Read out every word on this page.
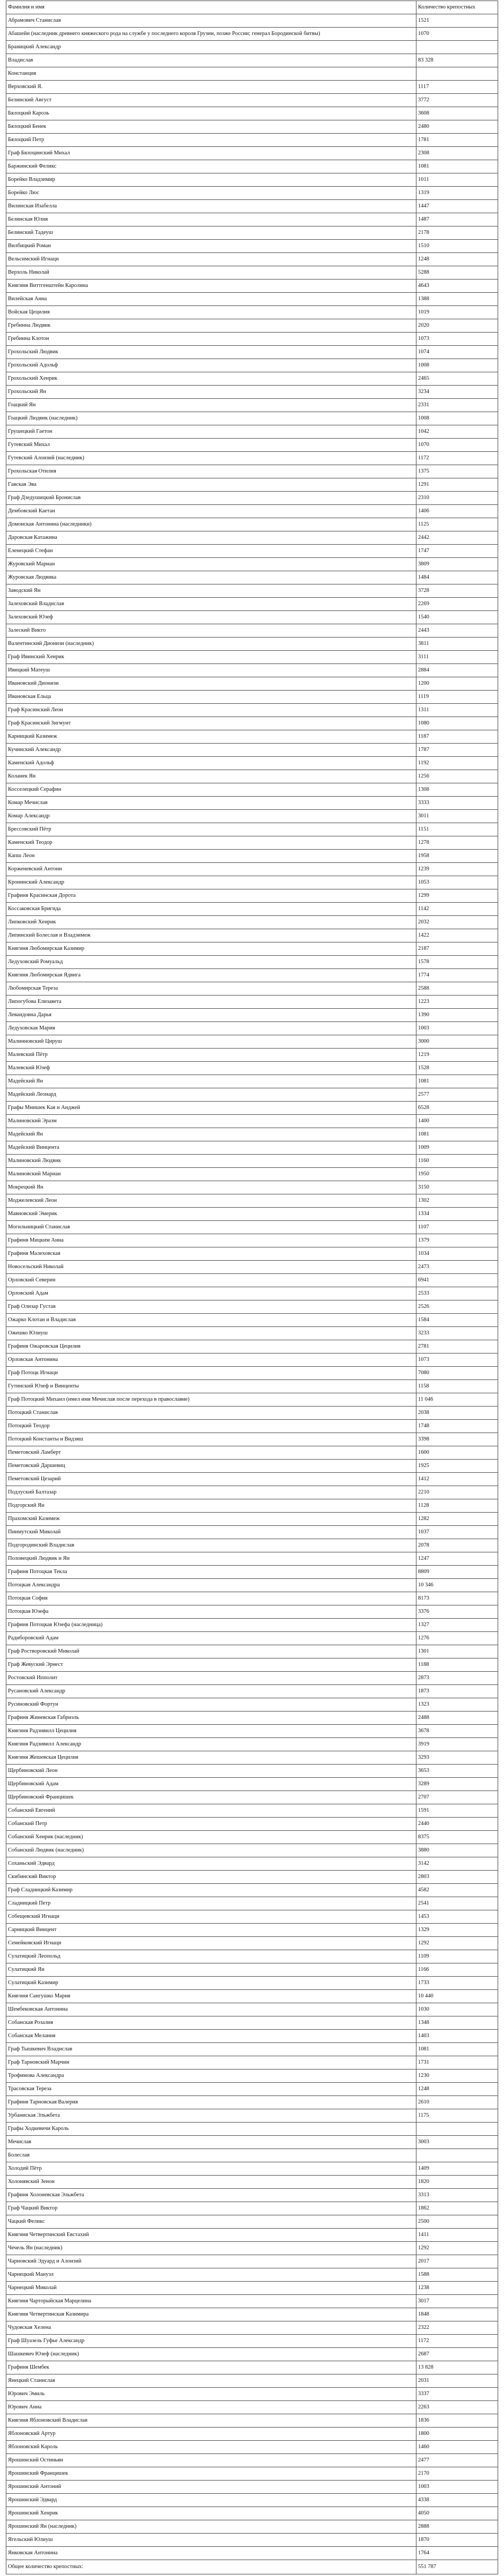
Фамилия и имя	Количество крепостных
Абрамович Станислав	1521
Абашейн (наследник древнего княжеского рода на службе у последнего короля Грузии, позже России; генерал Бородинской битвы)	1070
Браницкий Александр	
Владислав	83 328
Констанция	
Верховский Я.	1117
Белинский Август	3772
Бялоцкий Кароль	3608
Бялоцкий Бенек	2480
Бялоцкий Петр	1781
Граф Бялоцинский Михал	2308
Баржинский Феликс	1081
Борейко Владзимир	1011
Борейко Люс	1319
Вилинская Изабелла	1447
Белинская Юлия	1487
Белинский Тадеуш	2178
Вилбицкий Роман	1510
Вельсимский Игнаци	1248
Верхоль Николай	5288
Княгиня Виттгенштейн Каролина	4643
Вилейская Анна	1388
Войская Цецилия	1019
Гребинна Людвик	2020
Гребинна Клотон	1073
Грохольский Людвик	1074
Грохольский Адольф	1008
Грохольский Хенрик	2465
Грохольский Ян	3234
Гоацкий Ян	2331
Гоацкий Людвик (наследник)	1008
Грушецкий Гаетон	1042
Гутевский Михал	1070
Гутевский Алоизий (наследник)	1172
Грохольская Отилия	1375
Гавская Эва	1291
Граф Дзедушицкий Бронислав	2310
Дембовский Каетан	1406
Домонская Антонина (наследники)	1125
Даровская Катажина	2442
Еленецкий Стефан	1747
Журовский Мариан	3809
Журовская Людвика	1484
Заводский Ян	3728
Залеховский Владислав	2269
Залеховский Юзеф	1540
Залеский Викто	2443
Валентинский Дионизи (наследник)	3811
Граф Ивинский Хенрик	3111
Ивицкий Матеуш	2884
Ивановский Дионизи	1200
Ивановская Ельца	1119
Граф Красинский Леон	1311
Граф Красинский Зигмунт	1080
Карницкий Казимеж	1187
Кучинский Александр	1787
Каменский Адольф	1192
Коланек Ян	1256
Косселецкий Серафин	1308
Комар Мечислав	3333
Комар Александр	3011
Брессовский Пётр	1151
Каменский Теодор	1278
Капш Леон	1958
Корженевский Антони	1239
Кронинский Александр	1053
Графиня Красинская Дорота	1299
Коссаковская Бригида	1142
Липковский Хенрик	2032
Липинский Болеслав и Владзимеж	1422
Княгиня Любомирская Казимир	2187
Ледуховский Ромуальд	1578
Княгиня Любомирская Ядвига	1774
Любомирская Тереза	2588
Липогубова Елизавета	1223
Левандовна Дарья	1390
Ледуховская Мария	1003
Малинновский Цируш	3000
Малевский Пётр	1219
Малевский Юзеф	1528
Мадейский Ян	1081
Мадейский Леонард	2577
Графы Мнишек Кая и Анджей	6528
Малиновский Эразм	1400
Мадейский Ян	1081
Мадейский Винцента	1009
Малиновский Людвик	1160
Малиновский Мариан	1950
Мокрецкий Ян	3150
Моджелевский Леон	1302
Мавиовский Эмерик	1334
Могильницкий Станислав	1107
Графиня Мицким Анна	1379
Графиня Малеховская	1034
Новосельский Николай	2473
Орловский Северин	6941
Орловский Адам	2533
Граф Олизар Густав	2526
Ожарко Клотан и Владислав	1584
Ожешко Юлиуш	3233
Графиня Ожаровская Цецилия	2781
Орловская Антонина	1073
Граф Потоцк Игнаци	7080
Гутинский Юзеф и Винценты	1158
Граф Потоцкий Михаил (имел имя Мечислав после перехода в православие)	11 046
Потоцкий Станислав	2038
Потоцкий Теодор	1748
Потоцкий Константы и Видзяш	3398
Пеметовский Ламберт	1600
Пеметовский Даршевиц	1925
Пеметовский Цезарий	1412
Подлуский Балтазар	2210
Подгорский Ян	1128
Прахомский Казимеж	1282
Пинмутский Миколай	1037
Подгородинский Владислав	2078
Половецкий Людвик и Ян	1247
Графиня Потоцкая Текла	8809
Потоцкая Александра	10 346
Потоцкая София	8173
Потоцкая Юзефа	3376
Графиня Потоцкая Юзефа (наследница)	1327
Радиборовский Адам	1276
Граф Ростворовский Миколай	1301
Граф Жевуский Эрнест	1188
Ростовский Ипполит	2873
Русановский Александр	1873
Русиновский Фортун	1323
Графиня Жиневская Габриэль	2488
Княгиня Радзивилл Цецилия	3678
Княгиня Радзивилл Александр	3919
Княгиня Жешевская Цецилия	3293
Щербиновский Леон	3653
Щербиновский Адам	3289
Щербиновский Францишек	2707
Собанский Евгений	1591
Собанский Петр	2440
Собанский Хенрик (наследник)	8375
Собанский Людвик (наследник)	3880
Соханьский Эдвард	3142
Скибинский Виктор	2803
Граф Сладницкий Казимир	4582
Сладницкий Петр	2541
Собещевский Игнаци	1453
Сарницкий Винцент	1329
Семейковский Игнаци	1292
Сулатицкий Леопольд	1109
Сулатицкий Ян	1166
Сулатицкий Казимир	1733
Княгиня Сангушко Мария	10 440
Шембековская Антонина	1030
Собанская Розалия	1348
Собанская Мелания	1403
Граф Тышкевич Владислав	1081
Граф Тарновский Марчин	1731
Трофимова Александра	1230
Трасовская Тереза	1248
Графиня Тарновская Валерия	2610
Урбаниская Эльжбета	1175
Графы Ходкевичи Кароль	
Мечислав	3003
Болеслав	
Холодий Пётр	1409
Холонявский Зенон	1820
Графиня Холоневская Эльжбета	3313
Граф Чацкий Виктор	1862
Чацкий Феликс	2500
Княгиня Четвертинский Евстахий	1411
Чечель Ян (наследник)	1292
Чарновский Эдуард и Алоизий	2017
Чарнецкий Мануэл	1588
Чарнецкий Миколай	1238
Княгиня Чарторыйская Марцелина	3017
Княгиня Четвертинская Казимира	1848
Чудовская Хелена	2322
Граф Шуазель Гуфье Александр	1172
Шашкевич Юзеф (наследник)	2687
Графиня Шембек	13 828
Янецкий Станислав	2031
Юрович Эмиль	3337
Юрович Анна	2263
Княгиня Яблоновский Владислав	1836
Яблоновский Артур	1800
Яблоновский Кароль	1460
Ярошинский Остиньян	2477
Ярошинский Францишек	2170
Ярошинский Антоний	1003
Ярошинский Эдвард	4338
Ярошинский Хенрик	4050
Ярошинский Ян (наследник)	2888
Ягельский Юлиуш	1870
Янковская Антонина	1764
Общее количество крепостных:	551 787
